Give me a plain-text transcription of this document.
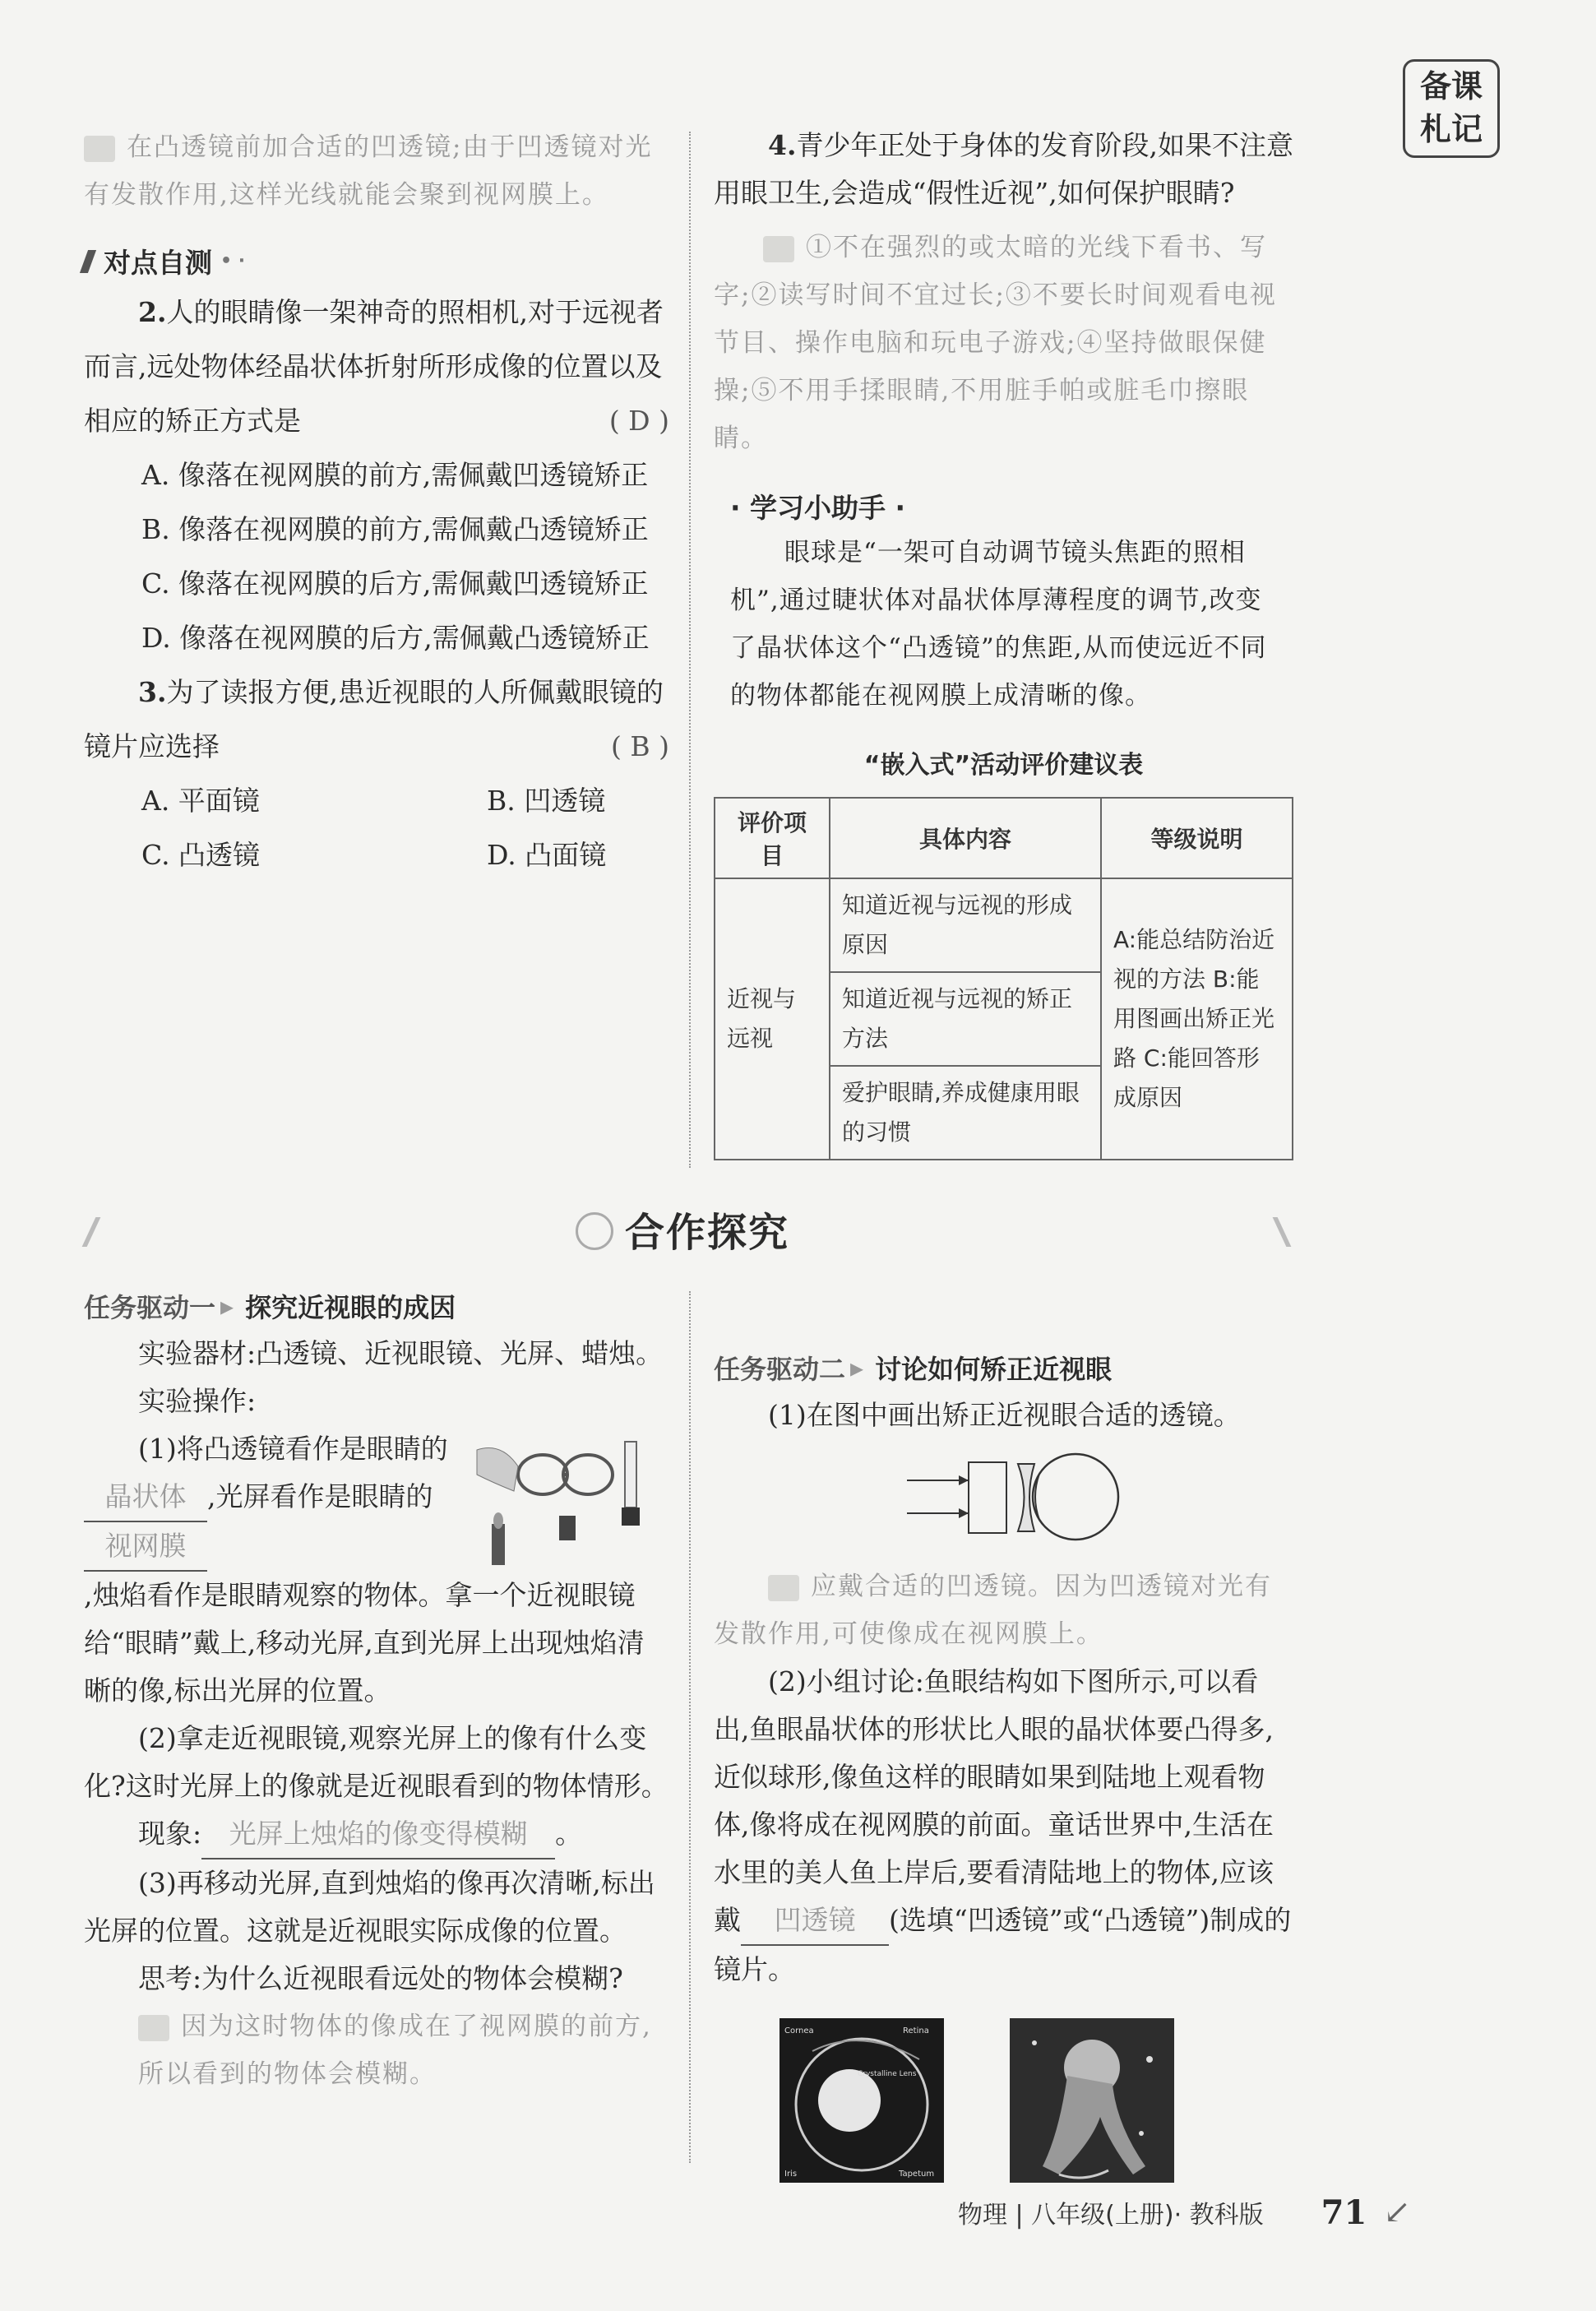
备课
札记
在凸透镜前加合适的凹透镜;由于凹透镜对光有发散作用,这样光线就能会聚到视网膜上。
对点自测 • ·
2.人的眼睛像一架神奇的照相机,对于远视者而言,远处物体经晶状体折射所形成像的位置以及相应的矫正方式是	( D )
A. 像落在视网膜的前方,需佩戴凹透镜矫正
B. 像落在视网膜的前方,需佩戴凸透镜矫正
C. 像落在视网膜的后方,需佩戴凹透镜矫正
D. 像落在视网膜的后方,需佩戴凸透镜矫正
3.为了读报方便,患近视眼的人所佩戴眼镜的镜片应选择	( B )
A. 平面镜	B. 凹透镜
C. 凸透镜	D. 凸面镜
4.青少年正处于身体的发育阶段,如果不注意用眼卫生,会造成“假性近视”,如何保护眼睛?
①不在强烈的或太暗的光线下看书、写字;②读写时间不宜过长;③不要长时间观看电视节目、操作电脑和玩电子游戏;④坚持做眼保健操;⑤不用手揉眼睛,不用脏手帕或脏毛巾擦眼睛。
· 学习小助手 ·
眼球是“一架可自动调节镜头焦距的照相机”,通过睫状体对晶状体厚薄程度的调节,改变了晶状体这个“凸透镜”的焦距,从而使远近不同的物体都能在视网膜上成清晰的像。
“嵌入式”活动评价建议表
评价项目	具体内容	等级说明
近视与远视	知道近视与远视的形成原因	A:能总结防治近视的方法 B:能用图画出矫正光路 C:能回答形成原因
	知道近视与远视的矫正方法	
	爱护眼睛,养成健康用眼的习惯	
合作探究
任务驱动一 ▸ 探究近视眼的成因
实验器材:凸透镜、近视眼镜、光屏、蜡烛。
实验操作:
(1)将凸透镜看作是眼睛的晶状体 ,光屏看作是眼睛的视网膜
,烛焰看作是眼睛观察的物体。拿一个近视眼镜给“眼睛”戴上,移动光屏,直到光屏上出现烛焰清晰的像,标出光屏的位置。
(2)拿走近视眼镜,观察光屏上的像有什么变化?这时光屏上的像就是近视眼看到的物体情形。
现象: 光屏上烛焰的像变得模糊 。
(3)再移动光屏,直到烛焰的像再次清晰,标出光屏的位置。这就是近视眼实际成像的位置。
思考:为什么近视眼看远处的物体会模糊?
因为这时物体的像成在了视网膜的前方,所以看到的物体会模糊。
任务驱动二 ▸ 讨论如何矫正近视眼
(1)在图中画出矫正近视眼合适的透镜。
应戴合适的凹透镜。因为凹透镜对光有发散作用,可使像成在视网膜上。
(2)小组讨论:鱼眼结构如下图所示,可以看出,鱼眼晶状体的形状比人眼的晶状体要凸得多,近似球形,像鱼这样的眼睛如果到陆地上观看物体,像将成在视网膜的前面。童话世界中,生活在水里的美人鱼上岸后,要看清陆地上的物体,应该戴 凹透镜 (选填“凹透镜”或“凸透镜”)制成的镜片。
Cornea	Retina
Crystalline Lens
Iris	Tapetum
物理 | 八年级(上册)· 教科版 71 ↙
